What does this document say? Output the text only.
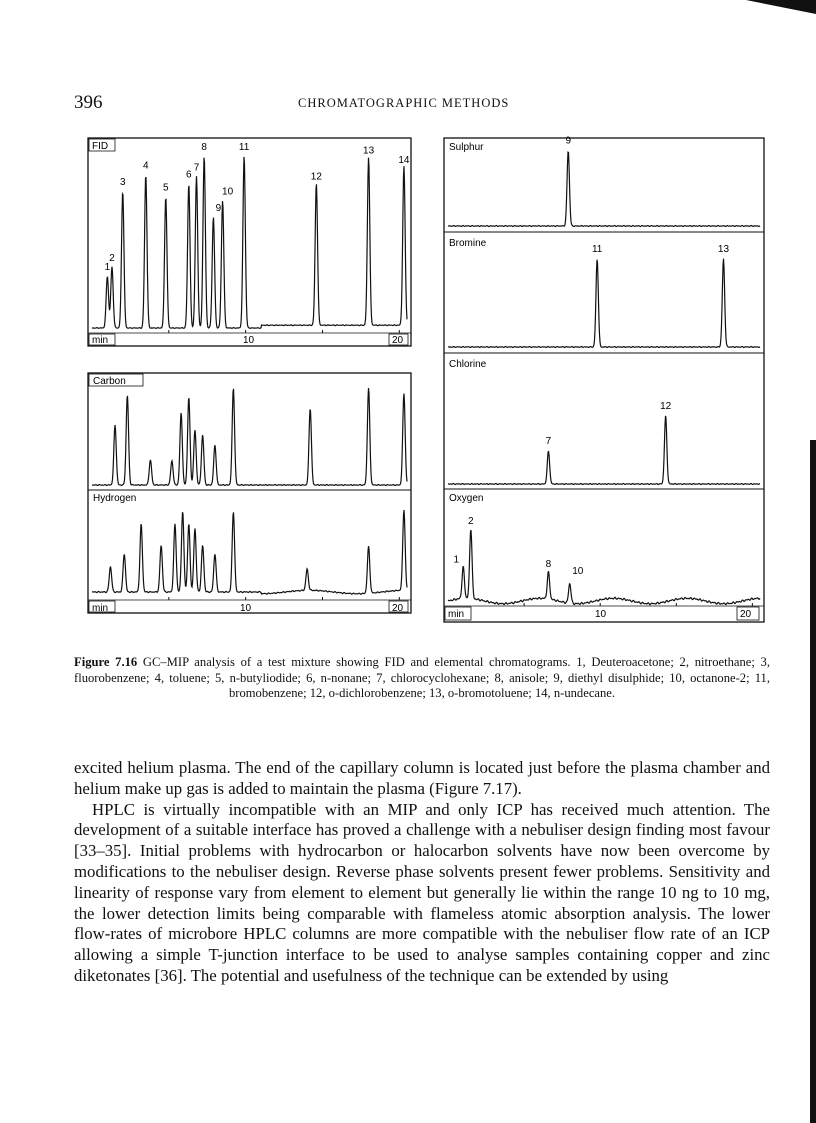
396	CHROMATOGRAPHIC METHODS
FID
1
2
3
4
5
6
7
8
9
10
11
12
13
14
min	10	20
Carbon
Hydrogen
min	10	20
Sulphur
Bromine
Chlorine
Oxygen
9
11	13
7
12
1
2
8
10
min	10	20
Figure 7.16 GC–MIP analysis of a test mixture showing FID and elemental chromatograms. 1, Deuteroacetone; 2, nitroethane; 3, fluorobenzene; 4, toluene; 5, n-butyliodide; 6, n-nonane; 7, chlorocyclohexane; 8, anisole; 9, diethyl disulphide; 10, octanone-2; 11, bromobenzene; 12, o-dichlorobenzene; 13, o-bromotoluene; 14, n-undecane.

excited helium plasma. The end of the capillary column is located just before the plasma chamber and helium make up gas is added to maintain the plasma (Figure 7.17).

HPLC is virtually incompatible with an MIP and only ICP has received much attention. The development of a suitable interface has proved a challenge with a nebuliser design finding most favour [33–35]. Initial problems with hydrocarbon or halocarbon solvents have now been overcome by modifications to the nebuliser design. Reverse phase solvents present fewer problems. Sensitivity and linearity of response vary from element to element but generally lie within the range 10 ng to 10 mg, the lower detection limits being comparable with flameless atomic absorption analysis. The lower flow-rates of microbore HPLC columns are more compatible with the nebuliser flow rate of an ICP allowing a simple T-junction interface to be used to analyse samples containing copper and zinc diketonates [36]. The potential and usefulness of the technique can be extended by using
